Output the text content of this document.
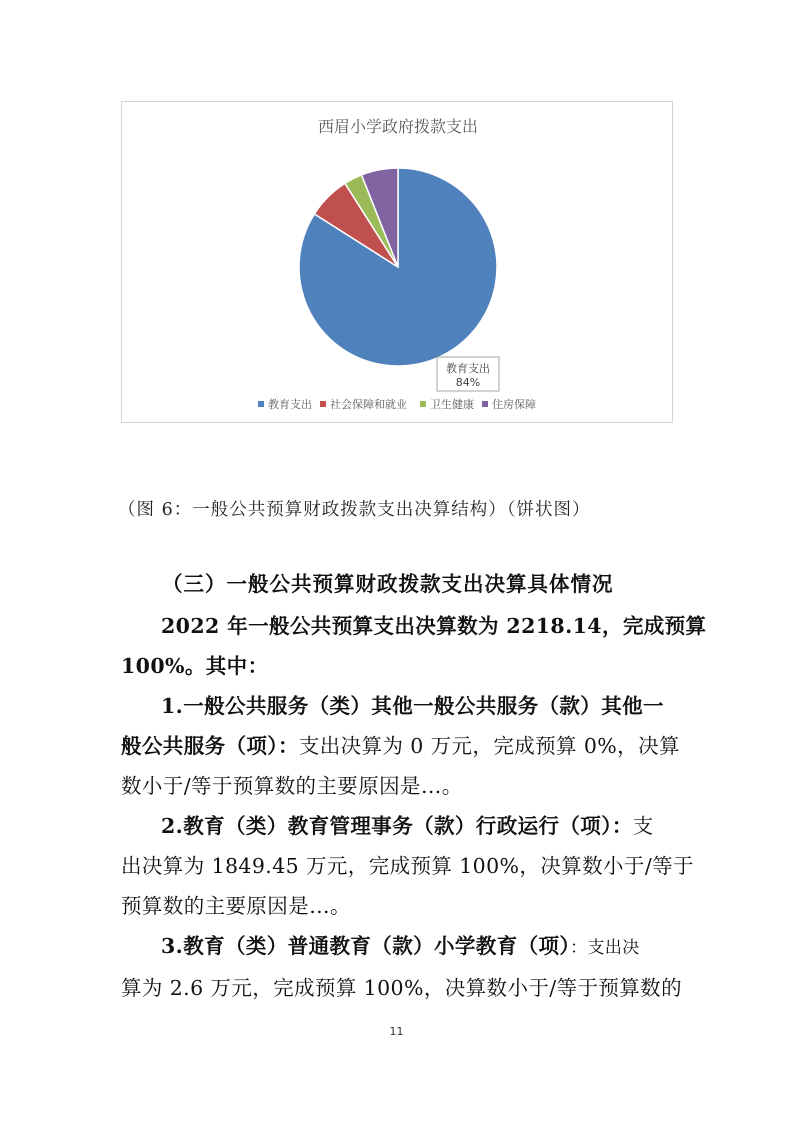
西眉小学政府拨款支出
教育支出
84%
教育支出 社会保障和就业 卫生健康 住房保障
（图 6：一般公共预算财政拨款支出决算结构）（饼状图）
（三）一般公共预算财政拨款支出决算具体情况

2022 年一般公共预算支出决算数为 2218.14，完成预算
100%。其中：

1.一般公共服务（类）其他一般公共服务（款）其他一
般公共服务（项）：支出决算为 0 万元，完成预算 0%，决算
数小于/等于预算数的主要原因是…。

2.教育（类）教育管理事务（款）行政运行（项）：支
出决算为 1849.45 万元，完成预算 100%，决算数小于/等于
预算数的主要原因是…。

3.教育（类）普通教育（款）小学教育（项）：支出决
算为 2.6 万元，完成预算 100%，决算数小于/等于预算数的

11
